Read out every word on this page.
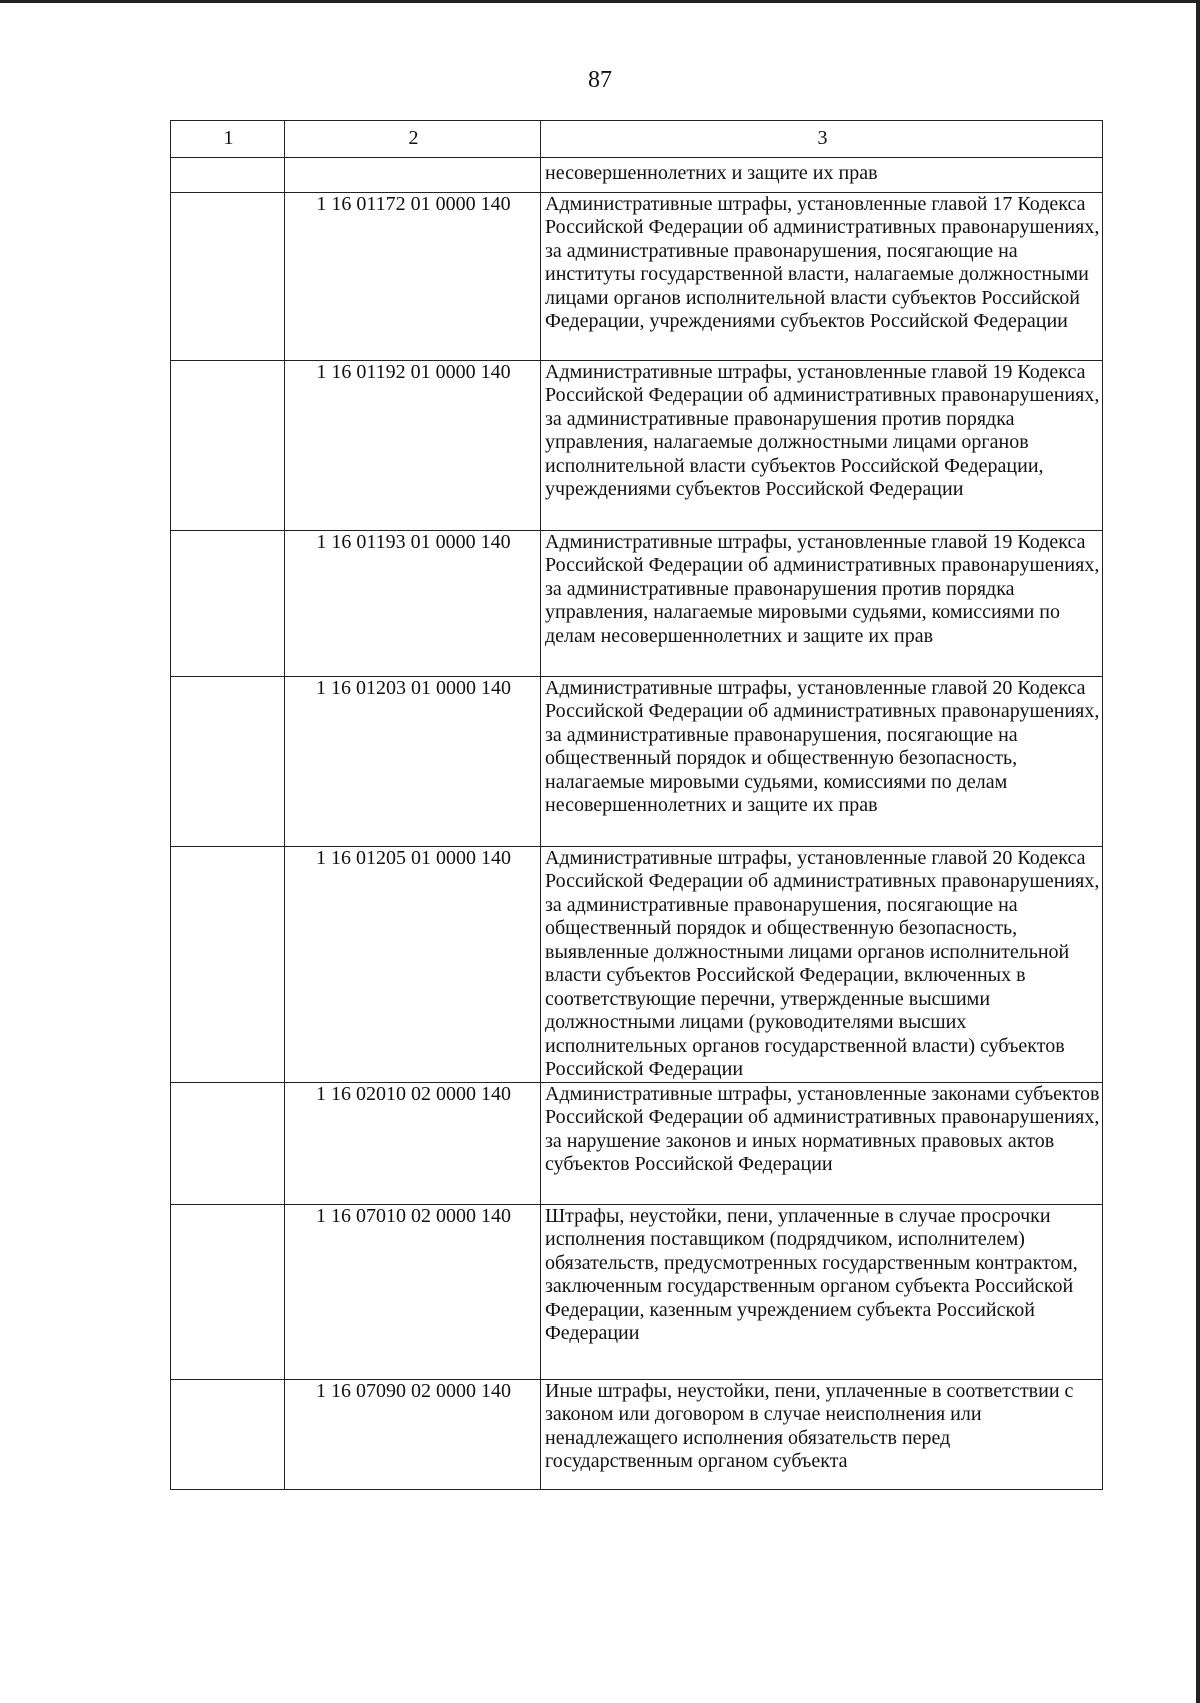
87
1	2	3
		несовершеннолетних и защите их прав
	1 16 01172 01 0000 140	Административные штрафы, установленные главой 17 Кодекса Российской Федерации об административных правонарушениях, за административные правонарушения, посягающие на институты государственной власти, налагаемые должностными лицами органов исполнительной власти субъектов Российской Федерации, учреждениями субъектов Российской Федерации
	1 16 01192 01 0000 140	Административные штрафы, установленные главой 19 Кодекса Российской Федерации об административных правонарушениях, за административные правонарушения против порядка управления, налагаемые должностными лицами органов исполнительной власти субъектов Российской Федерации, учреждениями субъектов Российской Федерации
	1 16 01193 01 0000 140	Административные штрафы, установленные главой 19 Кодекса Российской Федерации об административных правонарушениях, за административные правонарушения против порядка управления, налагаемые мировыми судьями, комиссиями по делам несовершеннолетних и защите их прав
	1 16 01203 01 0000 140	Административные штрафы, установленные главой 20 Кодекса Российской Федерации об административных правонарушениях, за административные правонарушения, посягающие на общественный порядок и общественную безопасность, налагаемые мировыми судьями, комиссиями по делам несовершеннолетних и защите их прав
	1 16 01205 01 0000 140	Административные штрафы, установленные главой 20 Кодекса Российской Федерации об административных правонарушениях, за административные правонарушения, посягающие на общественный порядок и общественную безопасность, выявленные должностными лицами органов исполнительной власти субъектов Российской Федерации, включенных в соответствующие перечни, утвержденные высшими должностными лицами (руководителями высших исполнительных органов государственной власти) субъектов Российской Федерации
	1 16 02010 02 0000 140	Административные штрафы, установленные законами субъектов Российской Федерации об административных правонарушениях, за нарушение законов и иных нормативных правовых актов субъектов Российской Федерации
	1 16 07010 02 0000 140	Штрафы, неустойки, пени, уплаченные в случае просрочки исполнения поставщиком (подрядчиком, исполнителем) обязательств, предусмотренных государственным контрактом, заключенным государственным органом субъекта Российской Федерации, казенным учреждением субъекта Российской Федерации
	1 16 07090 02 0000 140	Иные штрафы, неустойки, пени, уплаченные в соответствии с законом или договором в случае неисполнения или ненадлежащего исполнения обязательств перед государственным органом субъекта
